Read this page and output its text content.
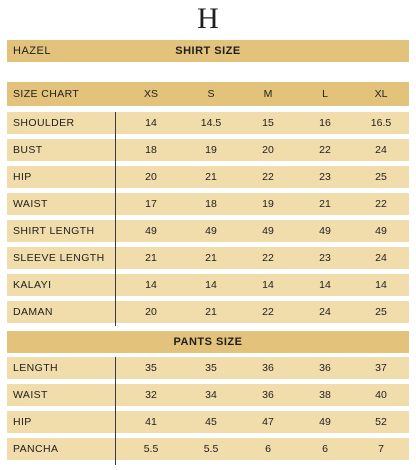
H
HAZEL	SHIRT SIZE
SIZE CHART	XS	S	M	L	XL
SHOULDER	14	14.5	15	16	16.5
BUST	18	19	20	22	24
HIP	20	21	22	23	25
WAIST	17	18	19	21	22
SHIRT LENGTH	49	49	49	49	49
SLEEVE LENGTH	21	21	22	23	24
KALAYI	14	14	14	14	14
DAMAN	20	21	22	24	25
PANTS SIZE
LENGTH	35	35	36	36	37
WAIST	32	34	36	38	40
HIP	41	45	47	49	52
PANCHA	5.5	5.5	6	6	7
